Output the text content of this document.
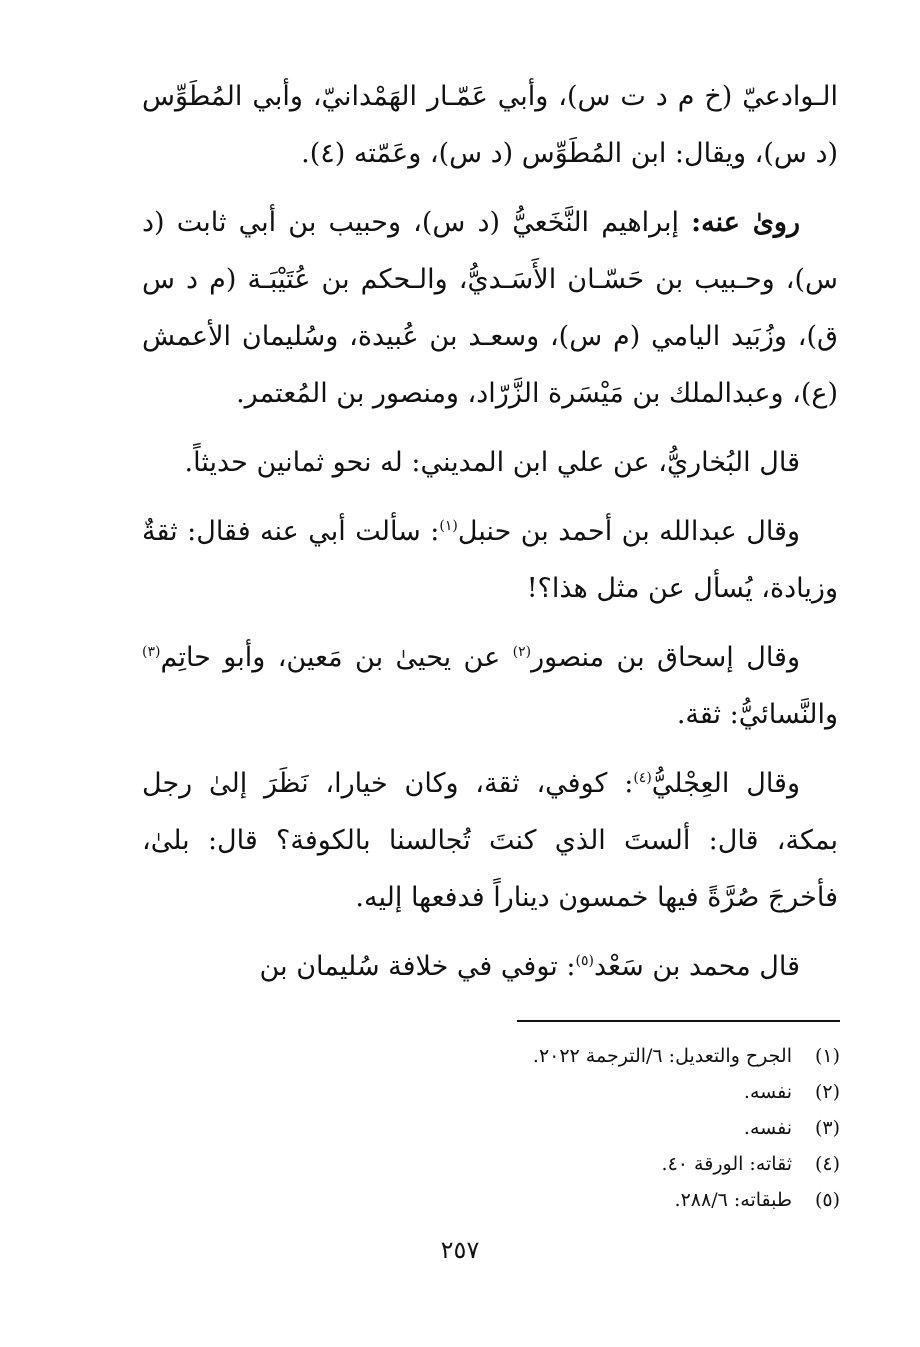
الـوادعيّ (خ م د ت س)، وأبي عَمّـار الهَمْدانيّ، وأبي المُطَوِّس (د س)، ويقال: ابن المُطَوِّس (د س)، وعَمّته (٤).

روىٰ عنه: إبراهيم النَّخَعيُّ (د س)، وحبيب بن أبي ثابت (د س)، وحـبيب بن حَسّـان الأَسَـديُّ، والـحكم بن عُتَيْبَـة (م د س ق)، وزُبَيد اليامي (م س)، وسعـد بن عُبيدة، وسُليمان الأعمش (ع)، وعبدالملك بن مَيْسَرة الزَّرّاد، ومنصور بن المُعتمر.

قال البُخاريُّ، عن علي ابن المديني: له نحو ثمانين حديثاً.

وقال عبدالله بن أحمد بن حنبل$^{(١)}$: سألت أبي عنه فقال: ثقةٌ وزيادة، يُسأل عن مثل هذا؟!

وقال إسحاق بن منصور$^{(٢)}$ عن يحيىٰ بن مَعين، وأبو حاتِم$^{(٣)}$ والنَّسائيُّ: ثقة.

وقال العِجْليُّ$^{(٤)}$: كوفي، ثقة، وكان خيارا، نَظَرَ إلىٰ رجل بمكة، قال: ألستَ الذي كنتَ تُجالسنا بالكوفة؟ قال: بلىٰ، فأخرجَ صُرَّةً فيها خمسون ديناراً فدفعها إليه.

قال محمد بن سَعْد$^{(٥)}$: توفي في خلافة سُليمان بن

(١)
الجرح والتعديل: ٦/الترجمة ٢٠٢٢.
(٢)
نفسه.
(٣)
نفسه.
(٤)
ثقاته: الورقة ٤٠.
(٥)
طبقاته: ٢٨٨/٦.
٢٥٧
